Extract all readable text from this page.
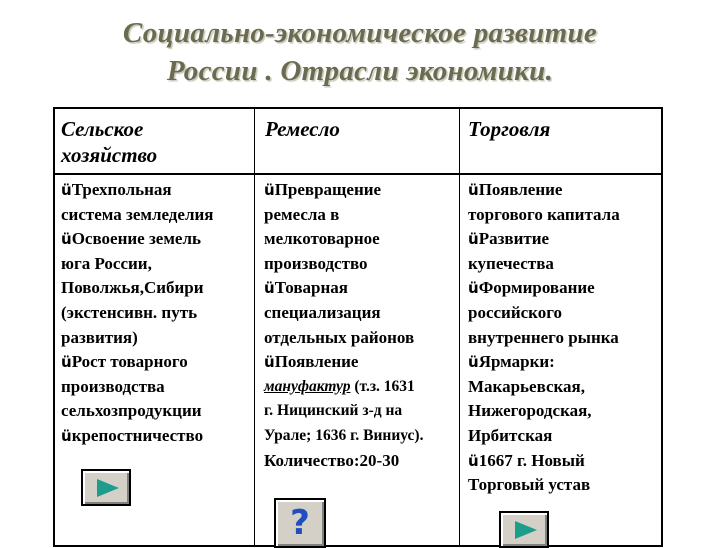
Социально-экономическое развитие
России . Отрасли экономики.
Сельское
хозяйство
Ремесло	Торговля
üТрехпольная
система земледелия
üОсвоение земель
юга России,
Поволжья,Сибири
(экстенсивн. путь
развития)
üРост товарного
производства
сельхозпродукции
üкрепостничество
üПревращение
ремесла в
мелкотоварное
производство
üТоварная
специализация
отдельных районов
üПоявление
мануфактур (т.з. 1631
г. Ницинский з-д на
Урале; 1636 г. Виниус).
Количество:20-30
üПоявление
торгового капитала
üРазвитие
купечества
üФормирование
российского
внутреннего рынка
üЯрмарки:
Макарьевская,
Нижегородская,
Ирбитская
ü1667 г. Новый
Торговый устав
?
